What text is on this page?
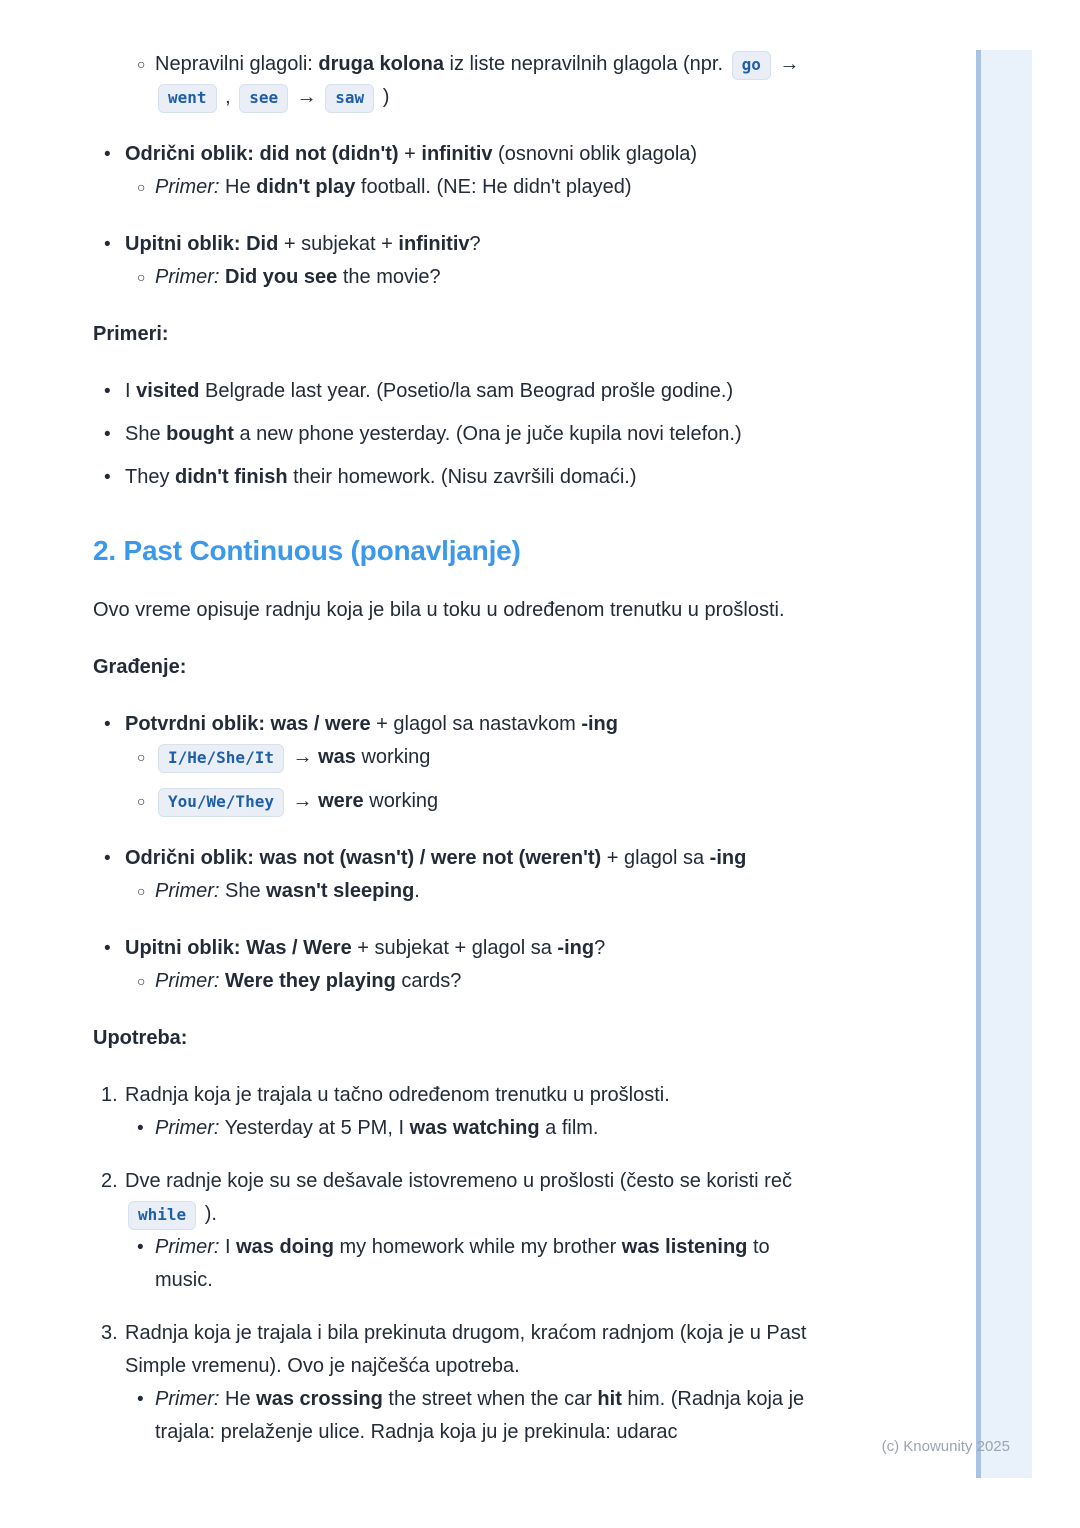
○ Nepravilni glagoli: druga kolona iz liste nepravilnih glagola (npr. go → went , see → saw )
• Odrični oblik: did not (didn't) + infinitiv (osnovni oblik glagola)
○ Primer: He didn't play football. (NE: He didn't played)
• Upitni oblik: Did + subjekat + infinitiv?
○ Primer: Did you see the movie?
Primeri:
• I visited Belgrade last year. (Posetio/la sam Beograd prošle godine.)
• She bought a new phone yesterday. (Ona je juče kupila novi telefon.)
• They didn't finish their homework. (Nisu završili domaći.)
2. Past Continuous (ponavljanje)
Ovo vreme opisuje radnju koja je bila u toku u određenom trenutku u prošlosti.
Građenje:
• Potvrdni oblik: was / were + glagol sa nastavkom -ing
○	I/He/She/It → was working
○	You/We/They → were working
• Odrični oblik: was not (wasn't) / were not (weren't) + glagol sa -ing
○ Primer: She wasn't sleeping.
• Upitni oblik: Was / Were + subjekat + glagol sa -ing?
○ Primer: Were they playing cards?
Upotreba:
1. Radnja koja je trajala u tačno određenom trenutku u prošlosti.
• Primer: Yesterday at 5 PM, I was watching a film.
2. Dve radnje koje su se dešavale istovremeno u prošlosti (često se koristi reč while ).
• Primer: I was doing my homework while my brother was listening to music.
3. Radnja koja je trajala i bila prekinuta drugom, kraćom radnjom (koja je u Past Simple vremenu). Ovo je najčešća upotreba.
• Primer: He was crossing the street when the car hit him. (Radnja koja je trajala: prelaženje ulice. Radnja koja ju je prekinula: udarac
(c) Knowunity 2025
